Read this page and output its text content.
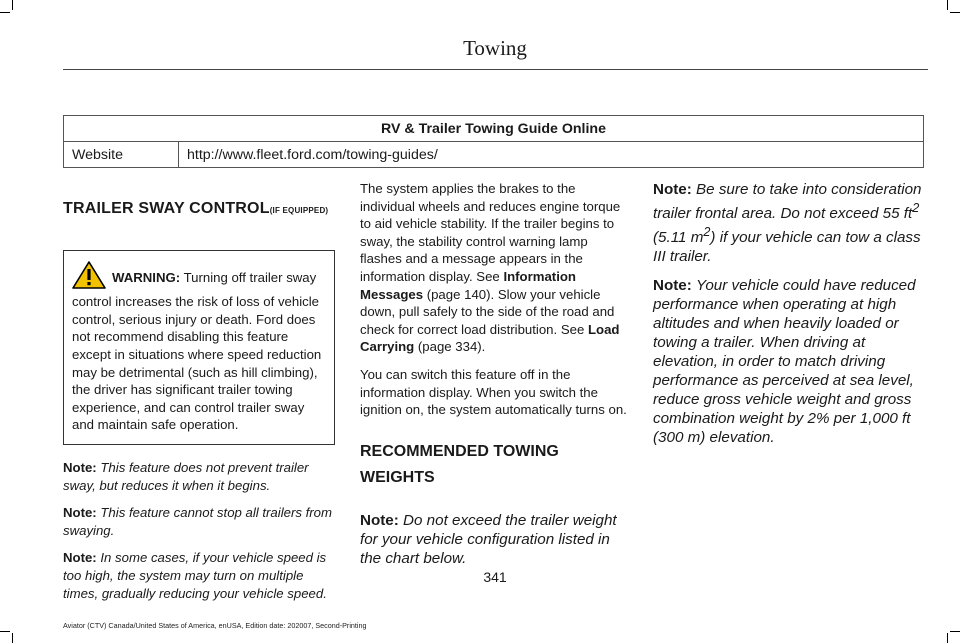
Towing
RV & Trailer Towing Guide Online
Website	http://www.fleet.ford.com/towing-guides/
TRAILER SWAY CONTROL(IF EQUIPPED)
WARNING: Turning off trailer sway control increases the risk of loss of vehicle control, serious injury or death. Ford does not recommend disabling this feature except in situations where speed reduction may be detrimental (such as hill climbing), the driver has significant trailer towing experience, and can control trailer sway and maintain safe operation.

Note: This feature does not prevent trailer sway, but reduces it when it begins.

Note: This feature cannot stop all trailers from swaying.

Note: In some cases, if your vehicle speed is too high, the system may turn on multiple times, gradually reducing your vehicle speed.

The system applies the brakes to the individual wheels and reduces engine torque to aid vehicle stability. If the trailer begins to sway, the stability control warning lamp flashes and a message appears in the information display. See Information Messages (page 140). Slow your vehicle down, pull safely to the side of the road and check for correct load distribution. See Load Carrying (page 334).

You can switch this feature off in the information display. When you switch the ignition on, the system automatically turns on.

RECOMMENDED TOWING WEIGHTS

Note: Do not exceed the trailer weight for your vehicle configuration listed in the chart below.

Note: Be sure to take into consideration trailer frontal area. Do not exceed 55 $ft^2$ (5.11 $m^2$) if your vehicle can tow a class III trailer.

Note: Your vehicle could have reduced performance when operating at high altitudes and when heavily loaded or towing a trailer. When driving at elevation, in order to match driving performance as perceived at sea level, reduce gross vehicle weight and gross combination weight by 2% per 1,000 ft (300 m) elevation.

341
Aviator (CTV) Canada/United States of America, enUSA, Edition date: 202007, Second-Printing
